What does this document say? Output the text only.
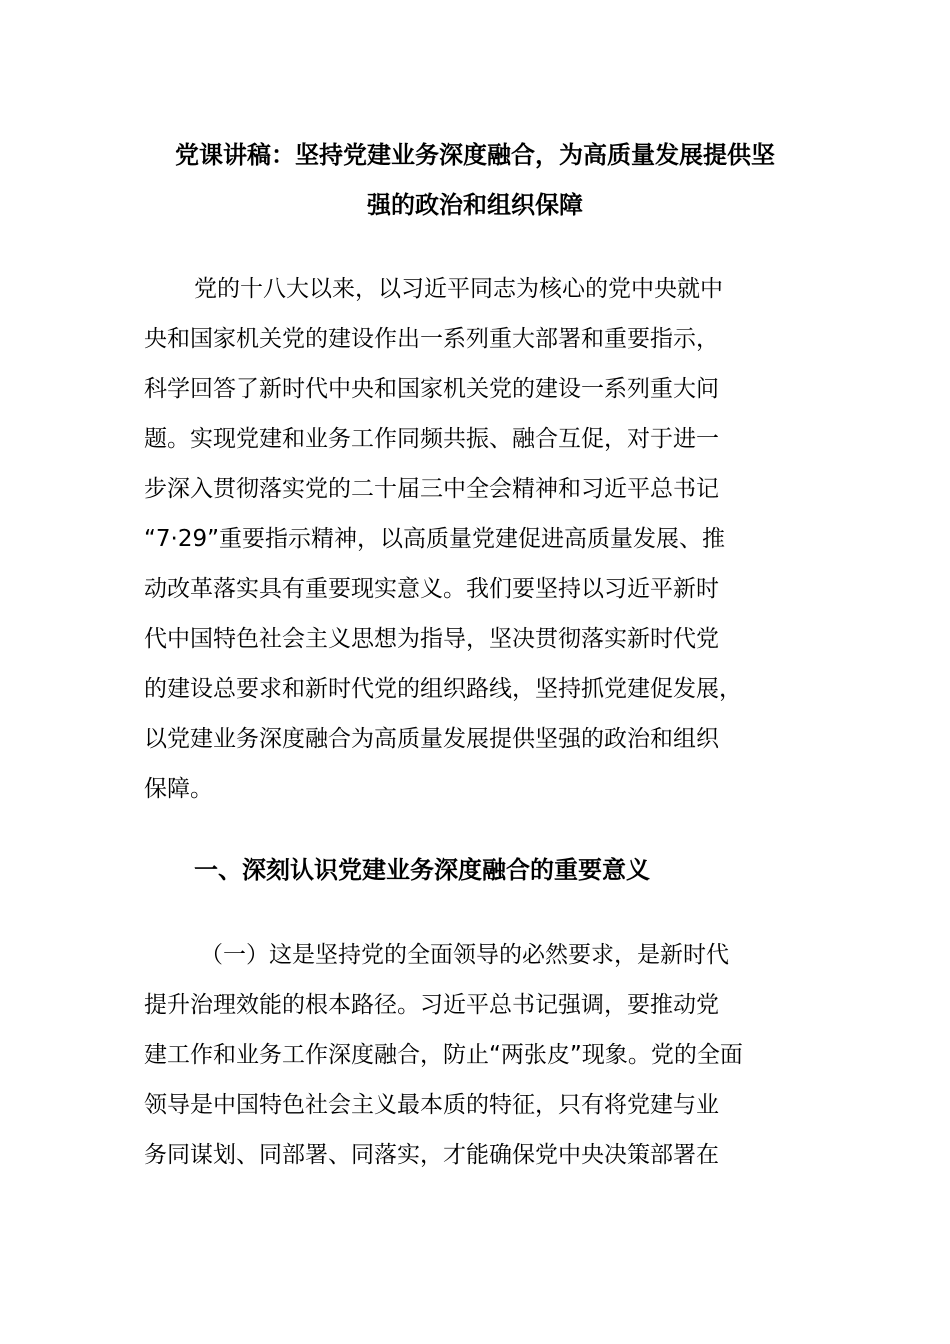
党课讲稿：坚持党建业务深度融合，为高质量发展提供坚
强的政治和组织保障
党的十八大以来，以习近平同志为核心的党中央就中
央和国家机关党的建设作出一系列重大部署和重要指示，
科学回答了新时代中央和国家机关党的建设一系列重大问
题。实现党建和业务工作同频共振、融合互促，对于进一
步深入贯彻落实党的二十届三中全会精神和习近平总书记
“7·29”重要指示精神，以高质量党建促进高质量发展、推
动改革落实具有重要现实意义。我们要坚持以习近平新时
代中国特色社会主义思想为指导，坚决贯彻落实新时代党
的建设总要求和新时代党的组织路线，坚持抓党建促发展，
以党建业务深度融合为高质量发展提供坚强的政治和组织
保障。
一、深刻认识党建业务深度融合的重要意义
（一）这是坚持党的全面领导的必然要求，是新时代
提升治理效能的根本路径。习近平总书记强调，要推动党
建工作和业务工作深度融合，防止“两张皮”现象。党的全面
领导是中国特色社会主义最本质的特征，只有将党建与业
务同谋划、同部署、同落实，才能确保党中央决策部署在
